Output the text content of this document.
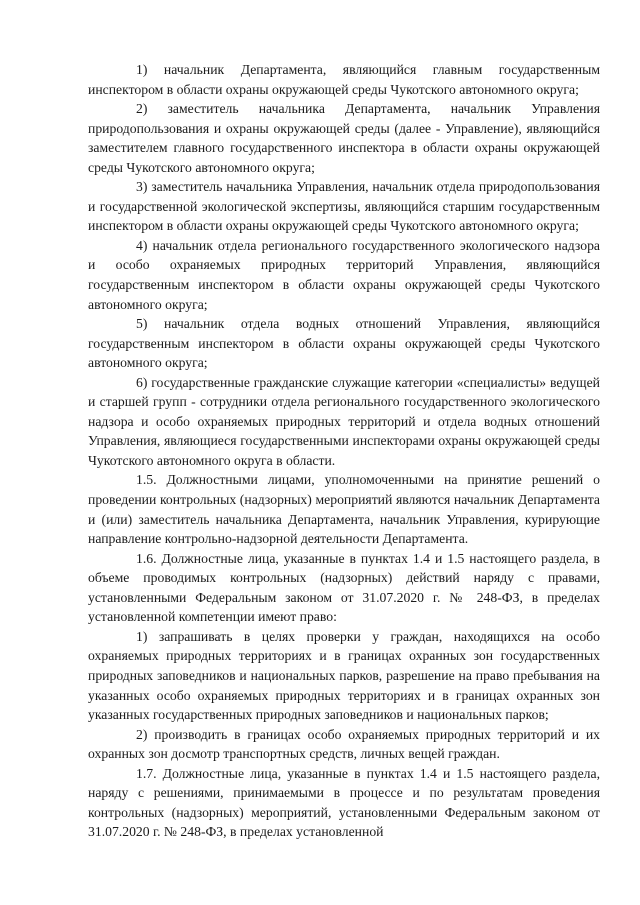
1) начальник Департамента, являющийся главным государственным инспектором в области охраны окружающей среды Чукотского автономного округа;

2) заместитель начальника Департамента, начальник Управления природопользования и охраны окружающей среды (далее - Управление), являющийся заместителем главного государственного инспектора в области охраны окружающей среды Чукотского автономного округа;

3) заместитель начальника Управления, начальник отдела природопользования и государственной экологической экспертизы, являющийся старшим государственным инспектором в области охраны окружающей среды Чукотского автономного округа;

4) начальник отдела регионального государственного экологического надзора и особо охраняемых природных территорий Управления, являющийся государственным инспектором в области охраны окружающей среды Чукотского автономного округа;

5) начальник отдела водных отношений Управления, являющийся государственным инспектором в области охраны окружающей среды Чукотского автономного округа;

6) государственные гражданские служащие категории «специалисты» ведущей и старшей групп - сотрудники отдела регионального государственного экологического надзора и особо охраняемых природных территорий и отдела водных отношений Управления, являющиеся государственными инспекторами охраны окружающей среды Чукотского автономного округа в области.

1.5. Должностными лицами, уполномоченными на принятие решений о проведении контрольных (надзорных) мероприятий являются начальник Департамента и (или) заместитель начальника Департамента, начальник Управления, курирующие направление контрольно-надзорной деятельности Департамента.

1.6. Должностные лица, указанные в пунктах 1.4 и 1.5 настоящего раздела, в объеме проводимых контрольных (надзорных) действий наряду с правами, установленными Федеральным законом от 31.07.2020 г. № 248-ФЗ, в пределах установленной компетенции имеют право:

1) запрашивать в целях проверки у граждан, находящихся на особо охраняемых природных территориях и в границах охранных зон государственных природных заповедников и национальных парков, разрешение на право пребывания на указанных особо охраняемых природных территориях и в границах охранных зон указанных государственных природных заповедников и национальных парков;

2) производить в границах особо охраняемых природных территорий и их охранных зон досмотр транспортных средств, личных вещей граждан.

1.7. Должностные лица, указанные в пунктах 1.4 и 1.5 настоящего раздела, наряду с решениями, принимаемыми в процессе и по результатам проведения контрольных (надзорных) мероприятий, установленными Федеральным законом от 31.07.2020 г. № 248-ФЗ, в пределах установленной
